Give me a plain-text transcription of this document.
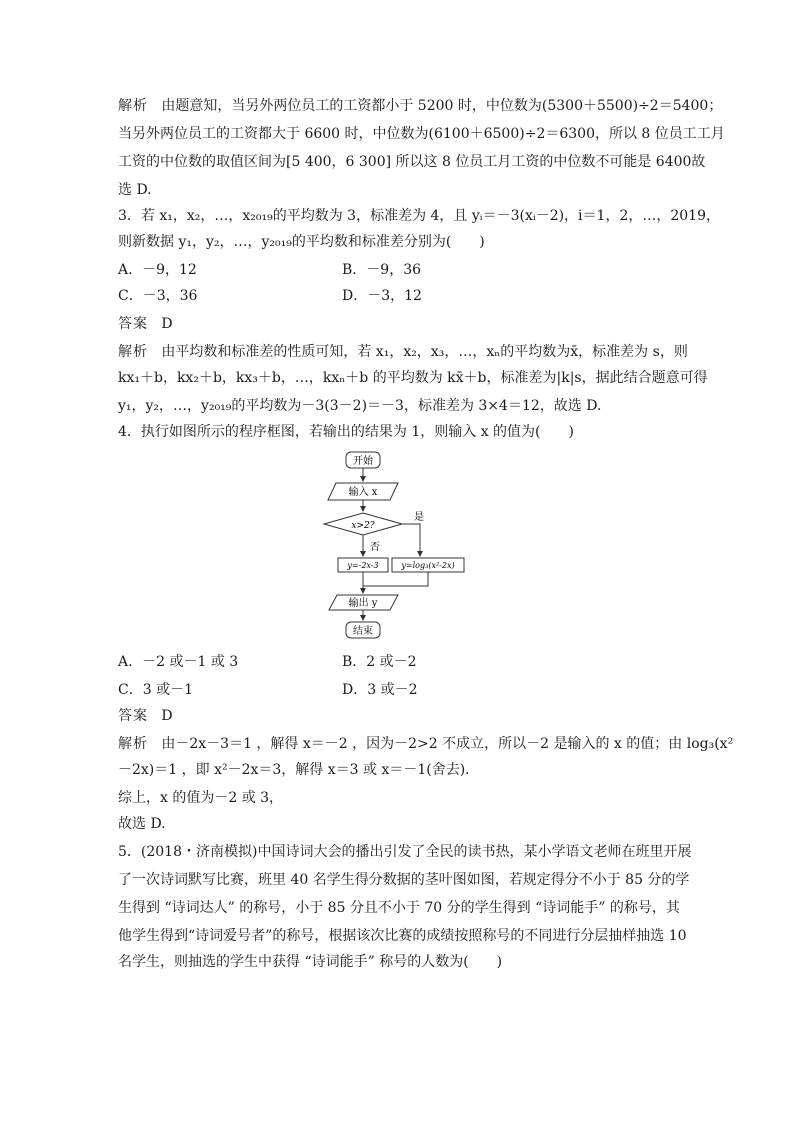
解析 由题意知，当另外两位员工的工资都小于 5200 时，中位数为(5300＋5500)÷2＝5400；
当另外两位员工的工资都大于 6600 时，中位数为(6100＋6500)÷2＝6300，所以 8 位员工工月
工资的中位数的取值区间为[5 400，6 300] 所以这 8 位员工月工资的中位数不可能是 6400故
选 D.
3．若 x₁，x₂，…，x₂₀₁₉的平均数为 3，标准差为 4，且 yᵢ＝－3(xᵢ－2)，i＝1，2，…，2019，
则新数据 y₁，y₂，…，y₂₀₁₉的平均数和标准差分别为(　　)
A．－9，12	B．－9，36
C．－3，36	D．－3，12
答案 D
解析 由平均数和标准差的性质可知，若 x₁，x₂，x₃，…，xₙ的平均数为x̄，标准差为 s，则
kx₁＋b，kx₂＋b，kx₃＋b，…，kxₙ＋b 的平均数为 kx̄＋b，标准差为|k|s，据此结合题意可得
y₁，y₂，…，y₂₀₁₉的平均数为－3(3－2)＝－3，标准差为 3×4＝12，故选 D.
4．执行如图所示的程序框图，若输出的结果为 1，则输入 x 的值为(　　)
开始
输入 x
x>2?
是
否
y=-2x-3	y=log₃(x²-2x)
输出 y
结束
A．－2 或－1 或 3	B．2 或－2
C．3 或－1	D．3 或－2
答案 D
解析 由－2x－3＝1 ，解得 x＝－2 ，因为－2>2 不成立，所以－2 是输入的 x 的值；由 log₃(x²
－2x)＝1 ，即 x²－2x＝3，解得 x＝3 或 x＝－1(舍去)．
综上，x 的值为－2 或 3，
故选 D.
5．(2018・济南模拟)中国诗词大会的播出引发了全民的读书热，某小学语文老师在班里开展
了一次诗词默写比赛，班里 40 名学生得分数据的茎叶图如图，若规定得分不小于 85 分的学
生得到 “诗词达人” 的称号，小于 85 分且不小于 70 分的学生得到 “诗词能手” 的称号，其
他学生得到“诗词爱号者”的称号，根据该次比赛的成绩按照称号的不同进行分层抽样抽选 10
名学生，则抽选的学生中获得 “诗词能手” 称号的人数为(　　)
